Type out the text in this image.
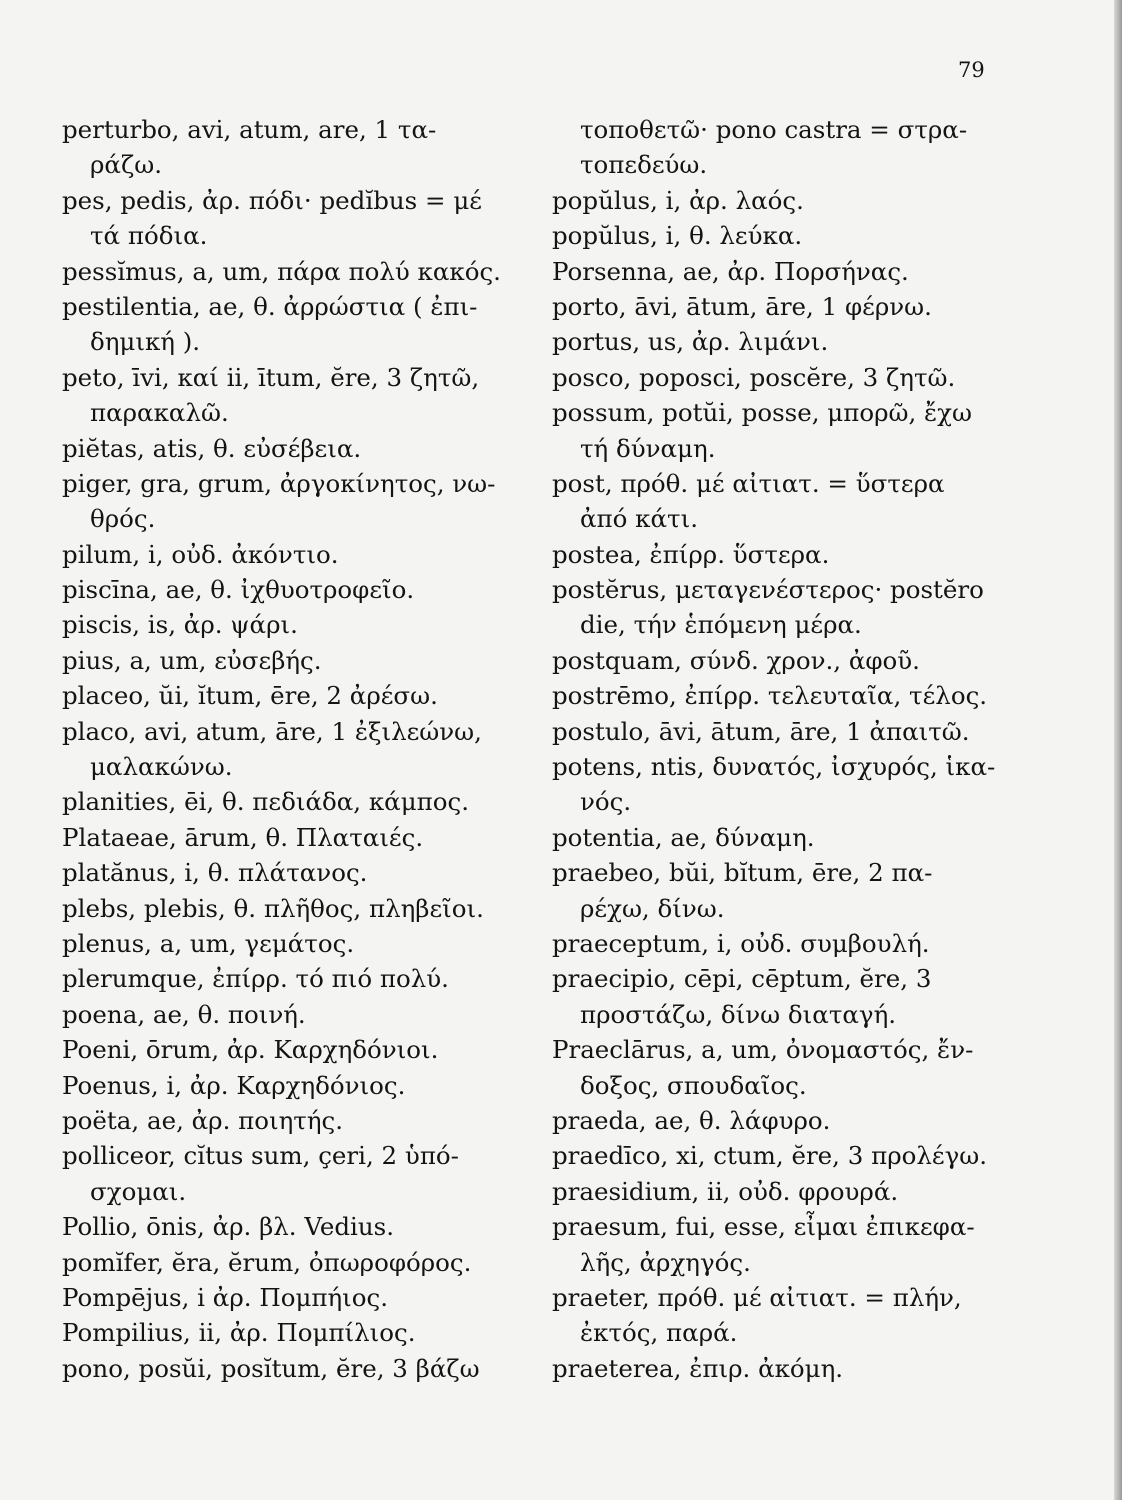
79
perturbo, avi, atum, are, 1 τα-
ράζω.
pes, pedis, ἀρ. πόδι· pedĭbus = μέ
τά πόδια.
pessĭmus, a, um, πάρα πολύ κακός.
pestilentia, ae, θ. ἀρρώστια ( ἐπι-
δημική ).
peto, īvi, καί ii, ītum, ĕre, 3 ζητῶ,
παρακαλῶ.
piĕtas, atis, θ. εὐσέβεια.
piger, gra, grum, ἀργοκίνητος, νω-
θρός.
pilum, i, οὐδ. ἀκόντιο.
piscīna, ae, θ. ἰχθυοτροφεῖο.
piscis, is, ἀρ. ψάρι.
pius, a, um, εὐσεβής.
placeo, ŭi, ĭtum, ēre, 2 ἀρέσω.
placo, avi, atum, āre, 1 ἐξιλεώνω,
μαλακώνω.
planities, ēi, θ. πεδιάδα, κάμπος.
Plataeae, ārum, θ. Πλαταιές.
platănus, i, θ. πλάτανος.
plebs, plebis, θ. πλῆθος, πληβεῖοι.
plenus, a, um, γεμάτος.
plerumque, ἐπίρρ. τό πιό πολύ.
poena, ae, θ. ποινή.
Poeni, ōrum, ἀρ. Καρχηδόνιοι.
Poenus, i, ἀρ. Καρχηδόνιος.
poëta, ae, ἀρ. ποιητής.
polliceor, cĭtus sum, çeri, 2 ὑπό-
σχομαι.
Pollio, ōnis, ἀρ. βλ. Vedius.
pomĭfer, ĕra, ĕrum, ὀπωροφόρος.
Pompējus, i ἀρ. Πομπήιος.
Pompilius, ii, ἀρ. Πομπίλιος.
pono, posŭi, posĭtum, ĕre, 3 βάζω
τοποθετῶ· pono castra = στρα-
τοπεδεύω.
popŭlus, i, ἀρ. λαός.
popŭlus, i, θ. λεύκα.
Porsenna, ae, ἀρ. Πορσήνας.
porto, āvi, ātum, āre, 1 φέρνω.
portus, us, ἀρ. λιμάνι.
posco, poposci, poscĕre, 3 ζητῶ.
possum, potŭi, posse, μπορῶ, ἔχω
τή δύναμη.
post, πρόθ. μέ αἰτιατ. = ὕστερα
ἀπό κάτι.
postea, ἐπίρρ. ὕστερα.
postĕrus, μεταγενέστερος· postĕro
die, τήν ἑπόμενη μέρα.
postquam, σύνδ. χρον., ἀφοῦ.
postrēmo, ἐπίρρ. τελευταῖα, τέλος.
postulo, āvi, ātum, āre, 1 ἀπαιτῶ.
potens, ntis, δυνατός, ἰσχυρός, ἱκα-
νός.
potentia, ae, δύναμη.
praebeo, bŭi, bĭtum, ēre, 2 πα-
ρέχω, δίνω.
praeceptum, i, οὐδ. συμβουλή.
praecipio, cēpi, cēptum, ĕre, 3
προστάζω, δίνω διαταγή.
Praeclārus, a, um, ὀνομαστός, ἔν-
δοξος, σπουδαῖος.
praeda, ae, θ. λάφυρο.
praedīco, xi, ctum, ĕre, 3 προλέγω.
praesidium, ii, οὐδ. φρουρά.
praesum, fui, esse, εἶμαι ἐπικεφα-
λῆς, ἀρχηγός.
praeter, πρόθ. μέ αἰτιατ. = πλήν,
ἐκτός, παρά.
praeterea, ἐπιρ. ἀκόμη.
